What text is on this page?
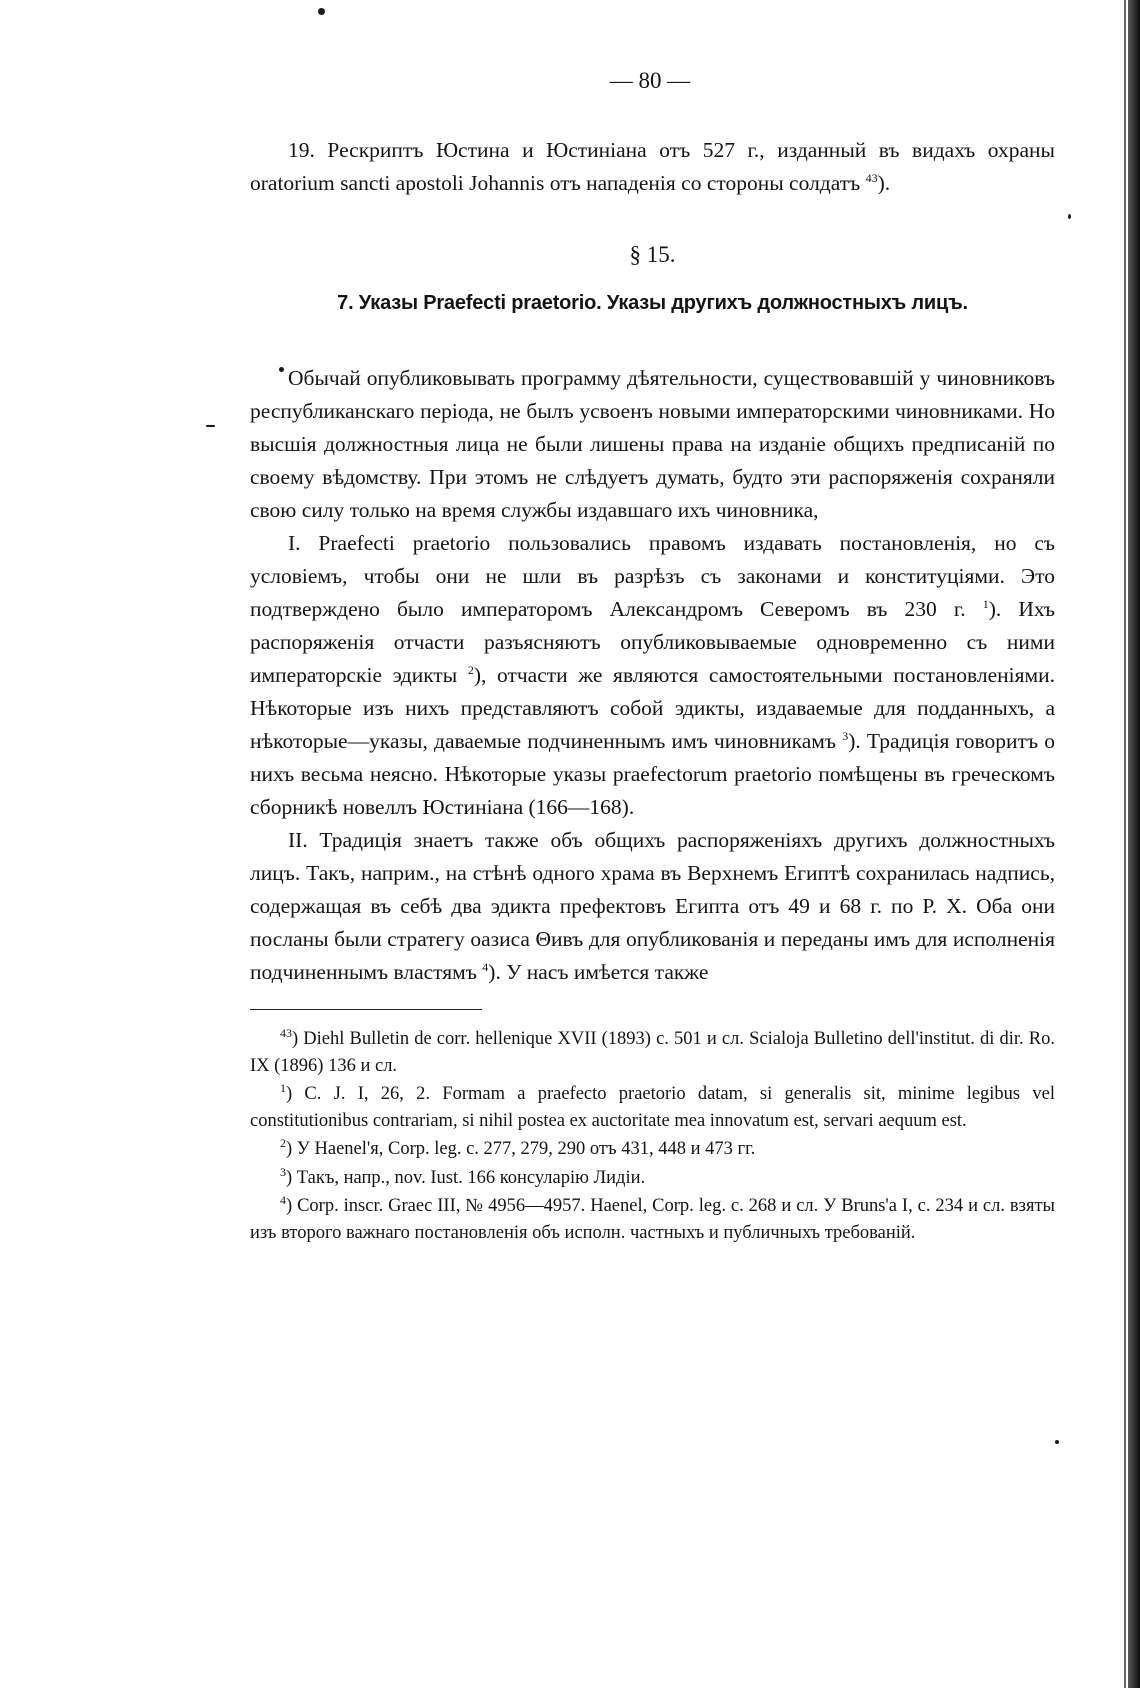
— 80 —

19. Рескриптъ Юстина и Юстиніана отъ 527 г., изданный въ видахъ охраны oratorium sancti apostoli Johannis отъ нападенія со стороны солдатъ $^{43}$).

§ 15.
7. Указы Praefecti praetorio. Указы другихъ должностныхъ лицъ.

Обычай опубликовывать программу дѣятельности, существовавшій у чиновниковъ республиканскаго періода, не былъ усвоенъ новыми императорскими чиновниками. Но высшія должностныя лица не были лишены права на изданіе общихъ предписаній по своему вѣдомству. При этомъ не слѣдуетъ думать, будто эти распоряженія сохраняли свою силу только на время службы издавшаго ихъ чиновника,

I. Praefecti praetorio пользовались правомъ издавать постановленія, но съ условіемъ, чтобы они не шли въ разрѣзъ съ законами и конституціями. Это подтверждено было императоромъ Александромъ Северомъ въ 230 г. $^1$). Ихъ распоряженія отчасти разъясняютъ опубликовываемые одновременно съ ними императорскіе эдикты $^2$), отчасти же являются самостоятельными постановленіями. Нѣкоторые изъ нихъ представляютъ собой эдикты, издаваемые для подданныхъ, а нѣкоторые—указы, даваемые подчиненнымъ имъ чиновникамъ $^3$). Традиція говоритъ о нихъ весьма неясно. Нѣкоторые указы praefectorum praetorio помѣщены въ греческомъ сборникѣ новеллъ Юстиніана (166—168).

II. Традиція знаетъ также объ общихъ распоряженіяхъ другихъ должностныхъ лицъ. Такъ, наприм., на стѣнѣ одного храма въ Верхнемъ Египтѣ сохранилась надпись, содержащая въ себѣ два эдикта префектовъ Египта отъ 49 и 68 г. по Р. Х. Оба они посланы были стратегу оазиса Θивъ для опубликованія и переданы имъ для исполненія подчиненнымъ властямъ $^4$). У насъ имѣется также

$^{43}$) Diehl Bulletin de corr. hellenique XVII (1893) с. 501 и сл. Scialoja Bulletino dell'institut. di dir. Ro. IX (1896) 136 и сл.

$^1$) C. J. I, 26, 2. Formam a praefecto praetorio datam, si generalis sit, minime legibus vel constitutionibus contrariam, si nihil postea ex auctoritate mea innovatum est, servari aequum est.

$^2$) У Haenel'я, Corp. leg. с. 277, 279, 290 отъ 431, 448 и 473 гг.

$^3$) Такъ, напр., nov. Iust. 166 консуларію Лидіи.

$^4$) Corp. inscr. Graec III, № 4956—4957. Haenel, Corp. leg. с. 268 и сл. У Bruns'a I, с. 234 и сл. взяты изъ второго важнаго постановленія объ исполн. частныхъ и публичныхъ требованій.
